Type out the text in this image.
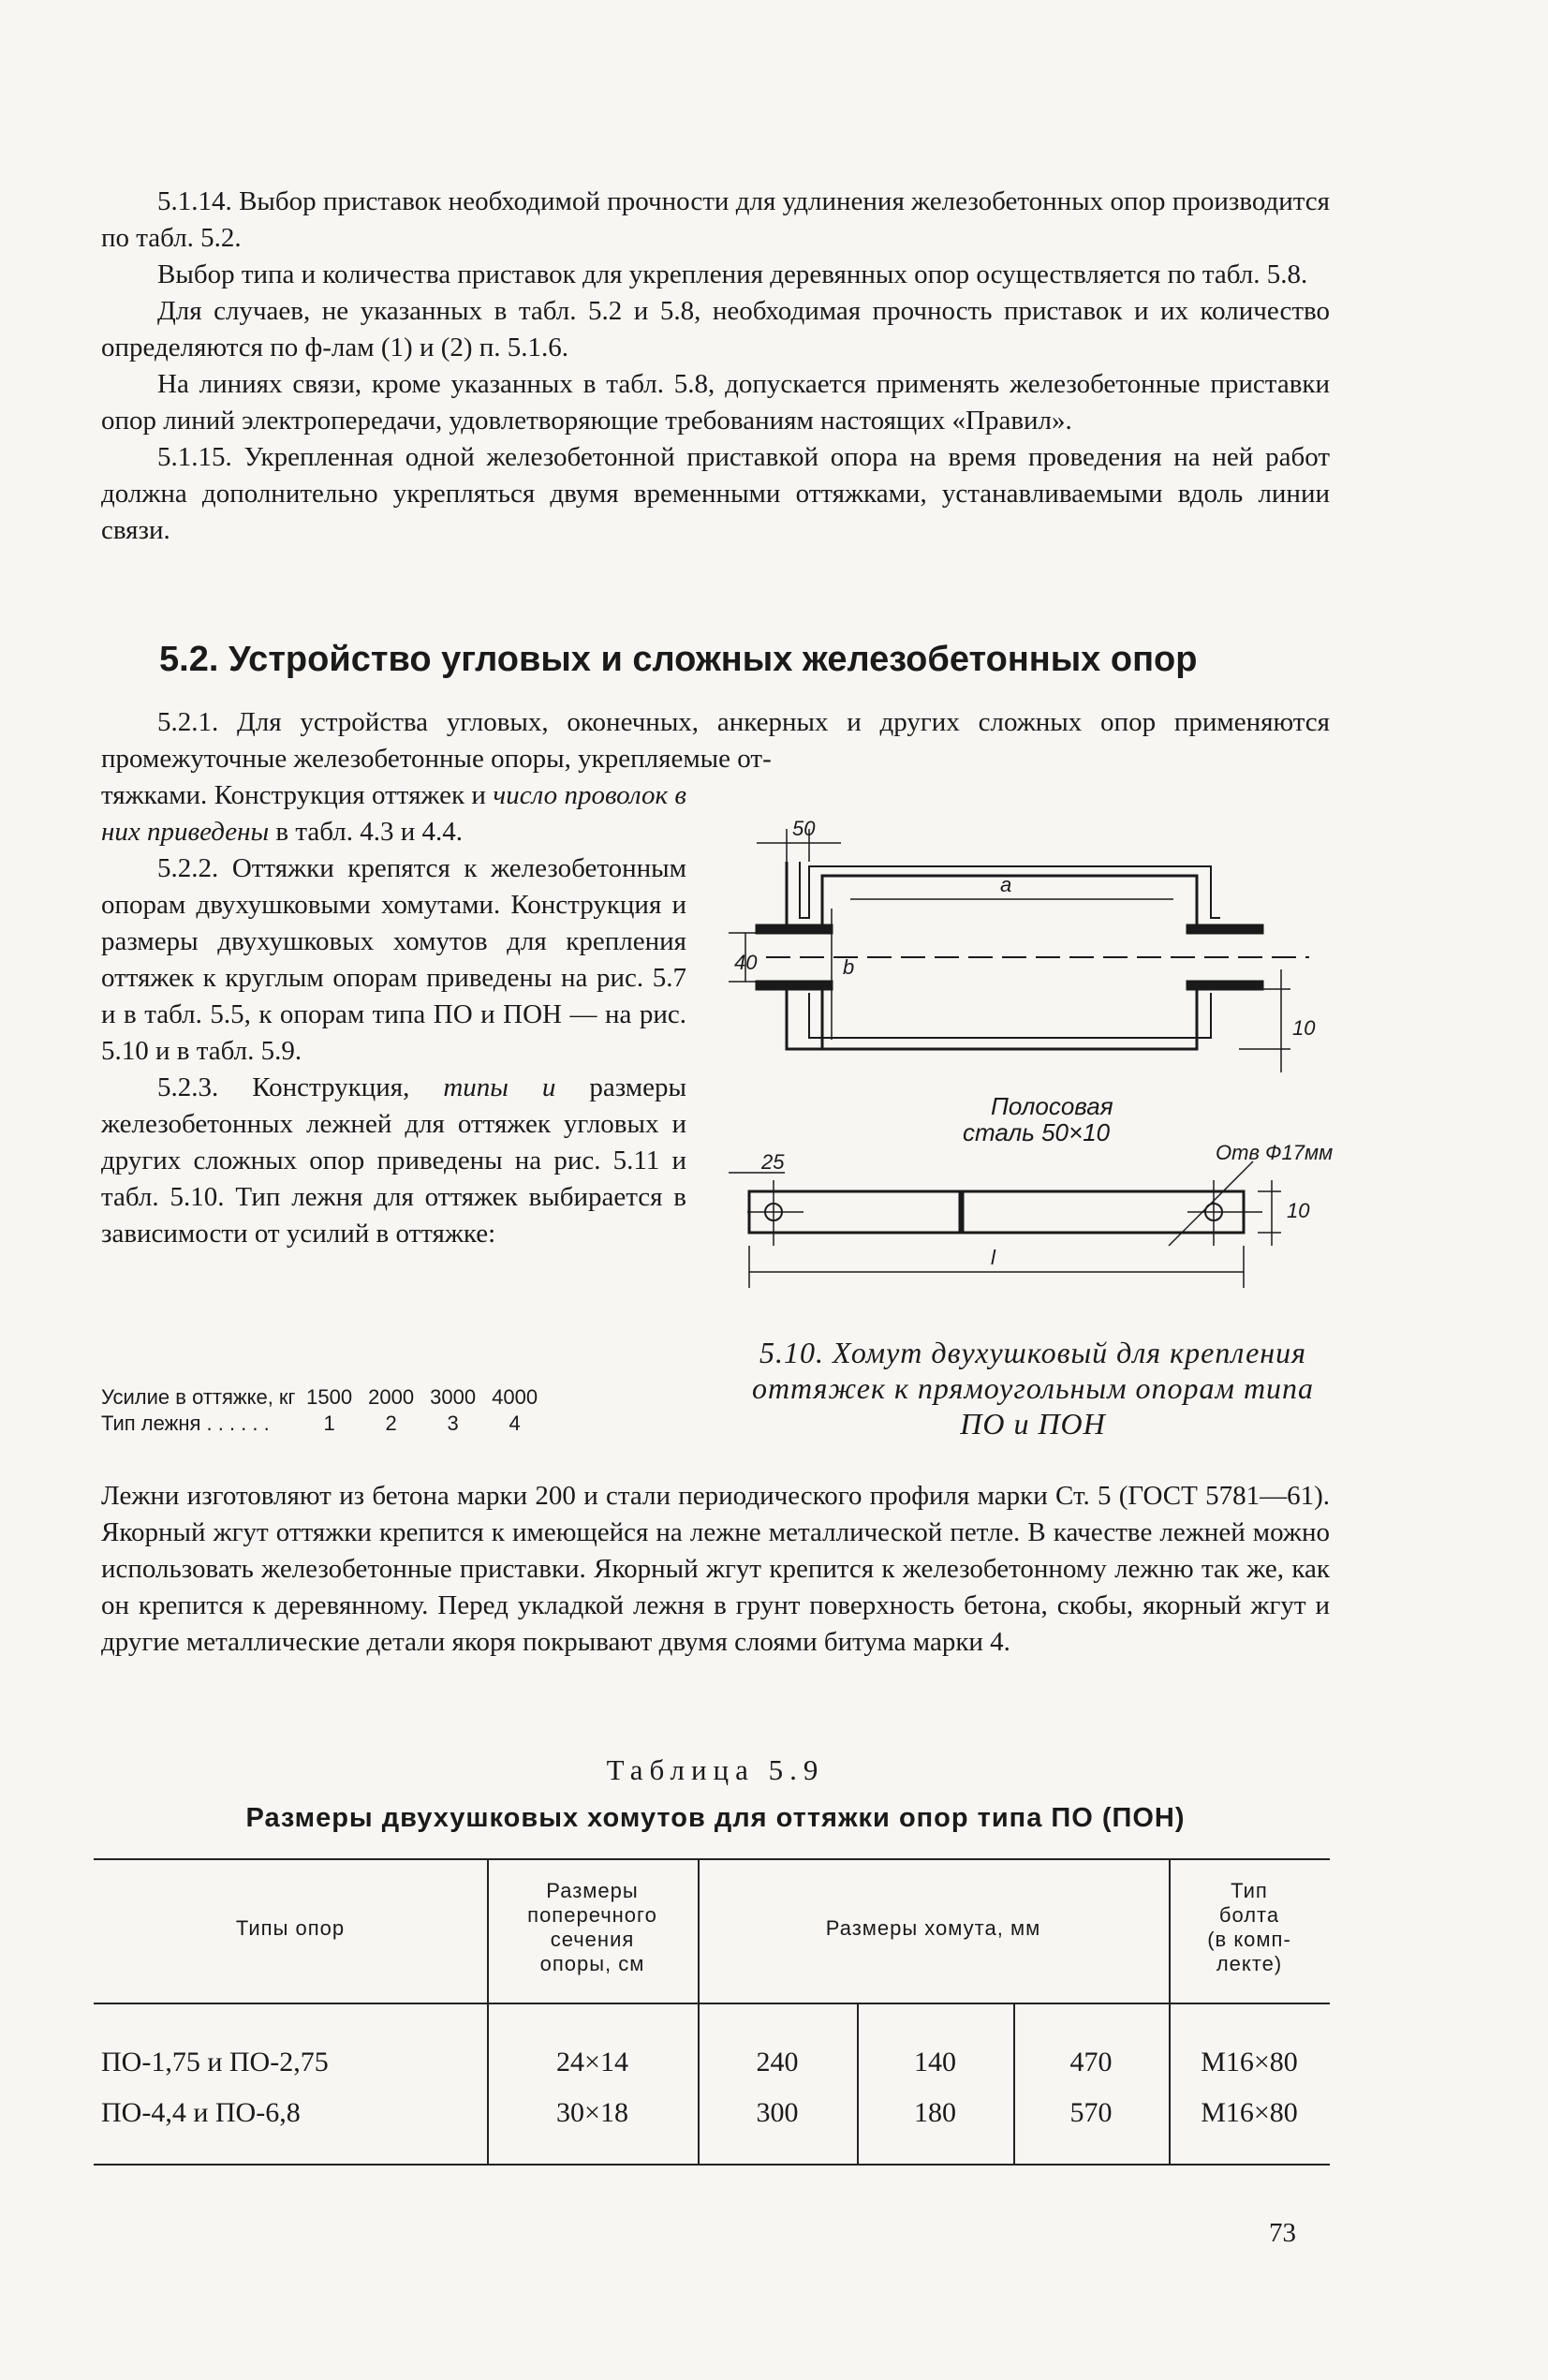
5.1.14. Выбор приставок необходимой прочности для удлинения железобетонных опор производится по табл. 5.2.

Выбор типа и количества приставок для укрепления деревянных опор осуществляется по табл. 5.8.

Для случаев, не указанных в табл. 5.2 и 5.8, необходимая прочность приставок и их количество определяются по ф-лам (1) и (2) п. 5.1.6.

На линиях связи, кроме указанных в табл. 5.8, допускается применять железобетонные приставки опор линий электропередачи, удовлетворяющие требованиям настоящих «Правил».

5.1.15. Укрепленная одной железобетонной приставкой опора на время проведения на ней работ должна дополнительно укрепляться двумя временными оттяжками, устанавливаемыми вдоль линии связи.

5.2. Устройство угловых и сложных железобетонных опор

5.2.1. Для устройства угловых, оконечных, анкерных и других сложных опор применяются промежуточные железобетонные опоры, укрепляемые от-

тяжками. Конструкция оттяжек и число проволок в них приведены в табл. 4.3 и 4.4.

5.2.2. Оттяжки крепятся к железобетонным опорам двухушковыми хомутами. Конструкция и размеры двухушковых хомутов для крепления оттяжек к круглым опорам приведены на рис. 5.7 и в табл. 5.5, к опорам типа ПО и ПОН — на рис. 5.10 и в табл. 5.9.

5.2.3. Конструкция, типы и размеры железобетонных лежней для оттяжек угловых и других сложных опор приведены на рис. 5.11 и табл. 5.10. Тип лежня для оттяжек выбирается в зависимости от усилий в оттяжке:

Усилие в оттяжке, кг	1500	2000	3000	4000
Тип лежня . . . . . .	1	2	3	4
50
a
b
40
10
Полосовая
сталь 50×10
Отв Ф17мм
25
10
l
5.10. Хомут двухушковый для крепления оттяжек к прямоугольным опорам типа ПО и ПОН

Лежни изготовляют из бетона марки 200 и стали периодического профиля марки Ст. 5 (ГОСТ 5781—61). Якорный жгут оттяжки крепится к имеющейся на лежне металлической петле. В качестве лежней можно использовать железобетонные приставки. Якорный жгут крепится к железобетонному лежню так же, как он крепится к деревянному. Перед укладкой лежня в грунт поверхность бетона, скобы, якорный жгут и другие металлические детали якоря покрывают двумя слоями битума марки 4.

Таблица 5.9
Размеры двухушковых хомутов для оттяжки опор типа ПО (ПОН)
Типы опор
Размеры
поперечного
сечения
опоры, см
Размеры хомута, мм
Тип
болта
(в комп-
лекте)
ПО-1,75 и ПО-2,75	24×14	240	140	470	М16×80
ПО-4,4 и ПО-6,8	30×18	300	180	570	М16×80
73
